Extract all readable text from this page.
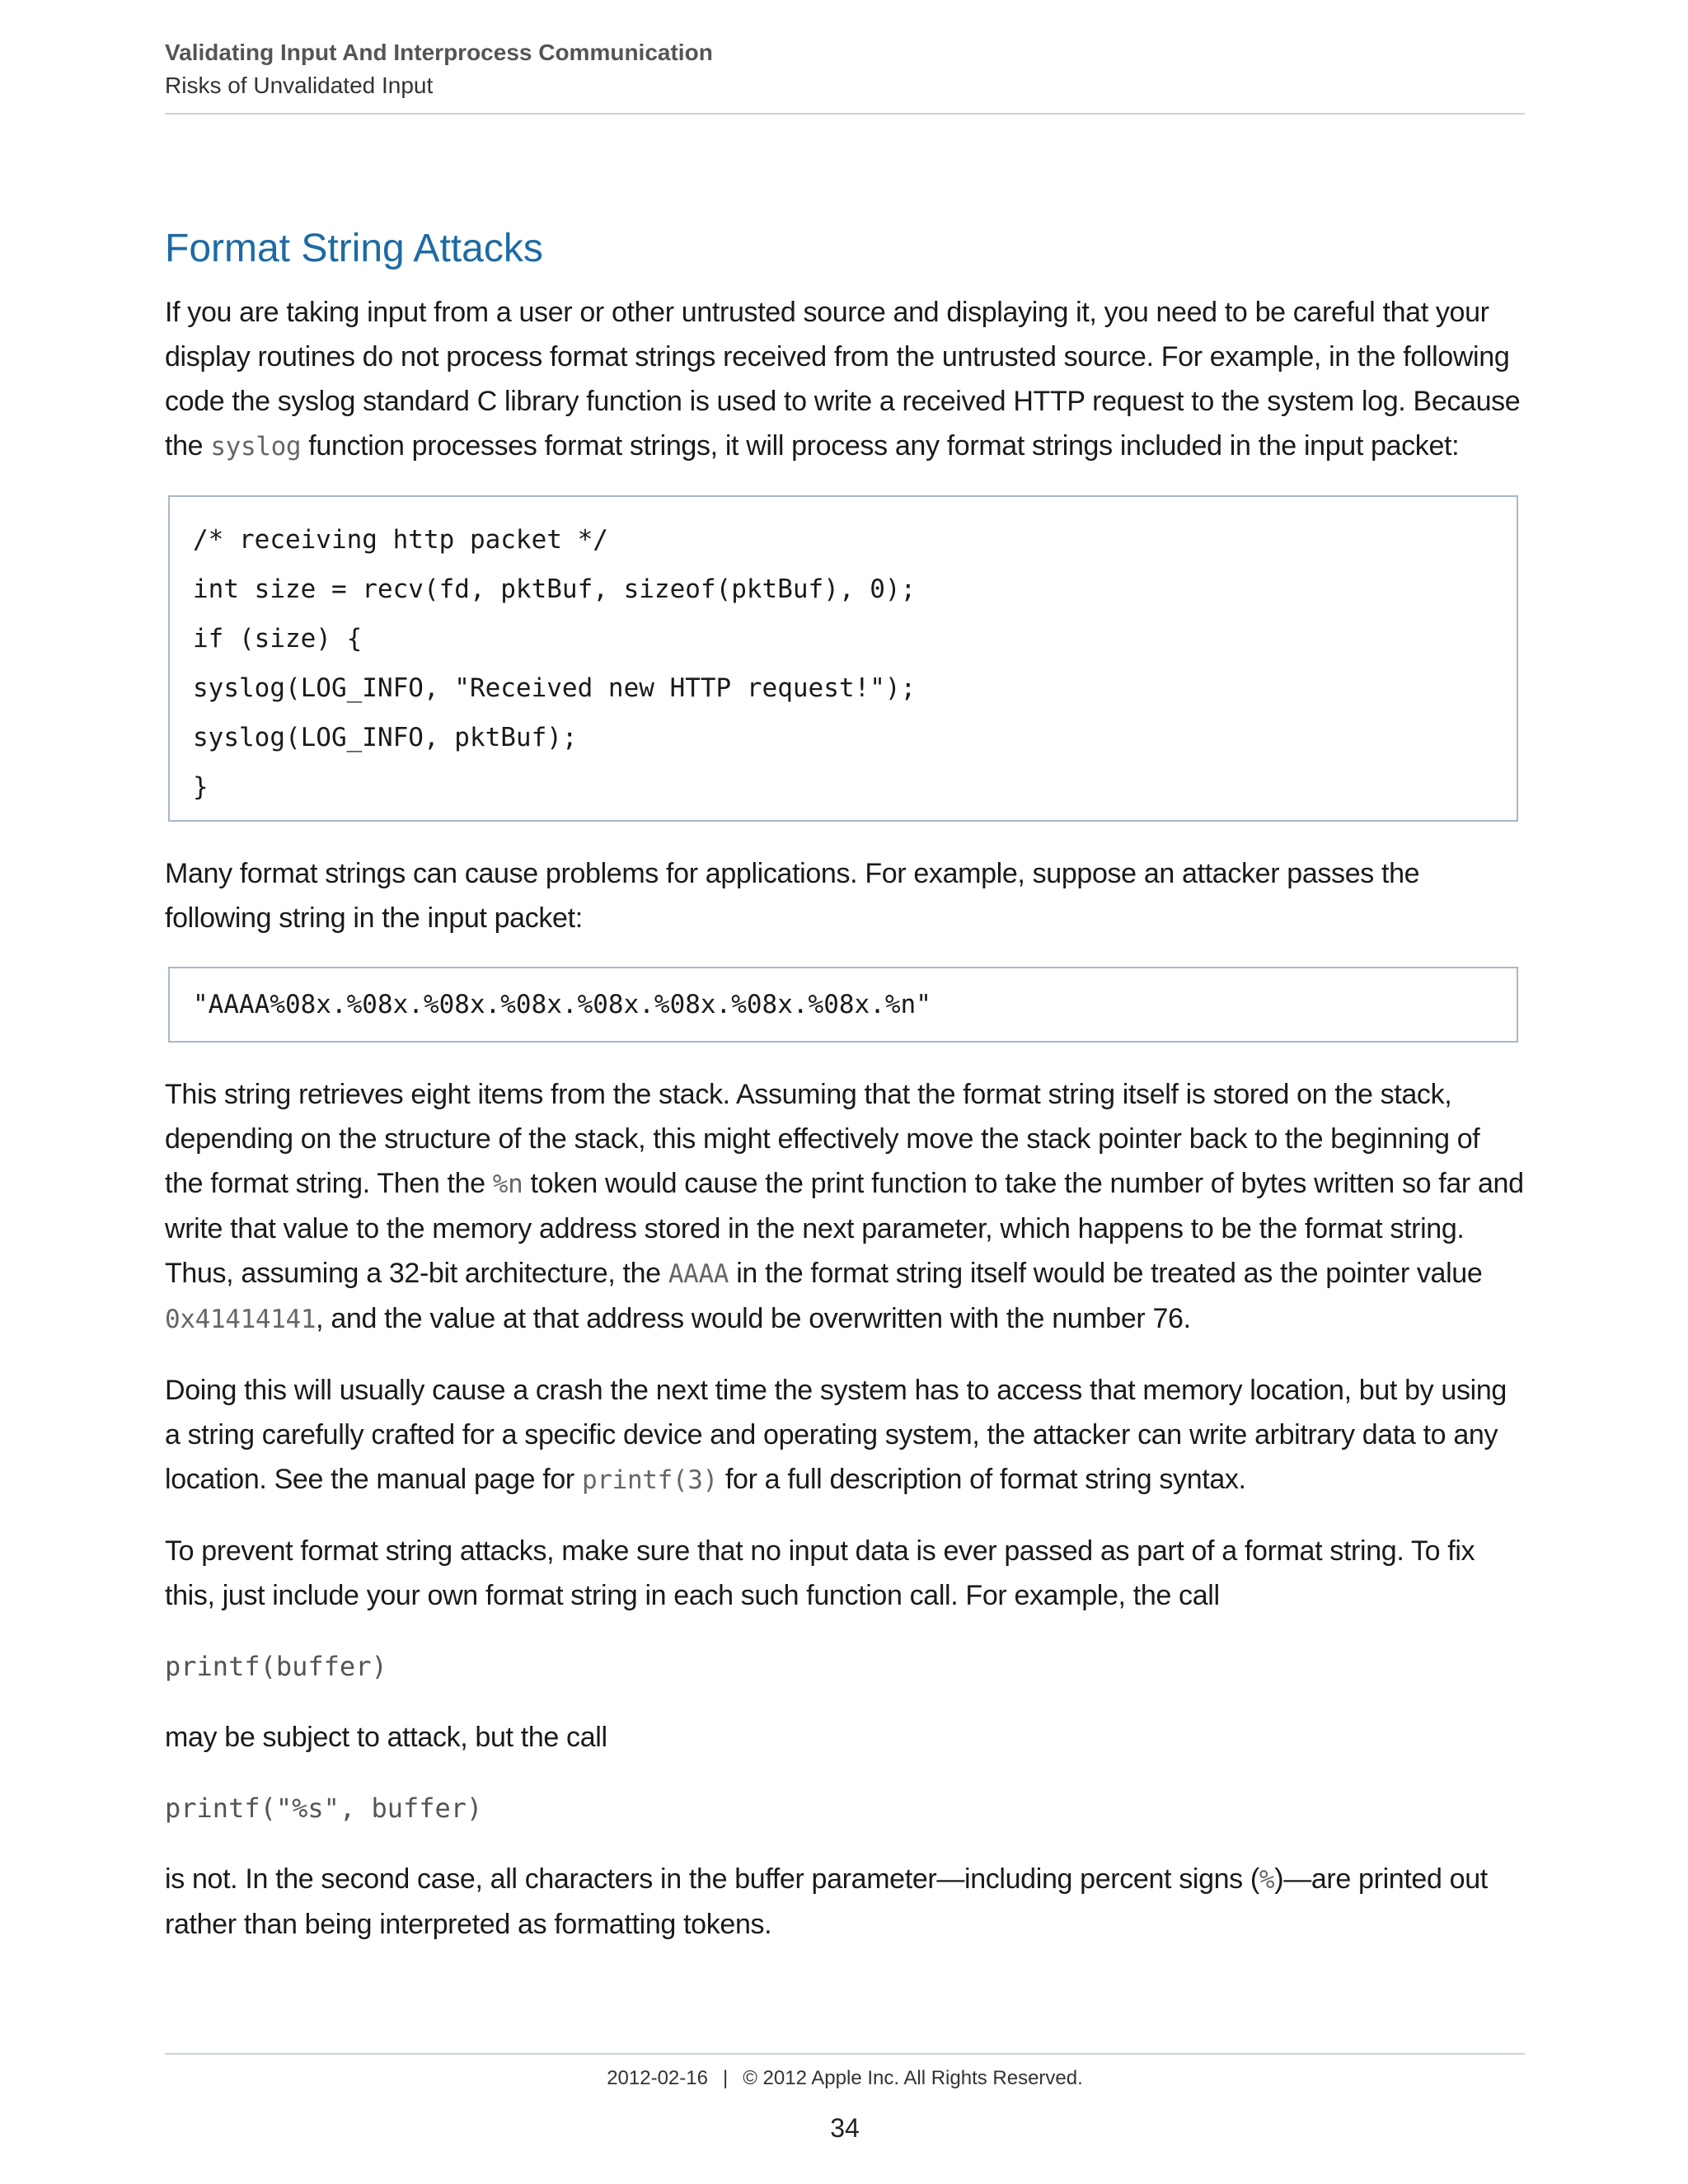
Validating Input And Interprocess Communication
Risks of Unvalidated Input
Format String Attacks

If you are taking input from a user or other untrusted source and displaying it, you need to be careful that your display routines do not process format strings received from the untrusted source. For example, in the following code the syslog standard C library function is used to write a received HTTP request to the system log. Because the syslog function processes format strings, it will process any format strings included in the input packet:

/* receiving http packet */
int size = recv(fd, pktBuf, sizeof(pktBuf), 0);
if (size) {
syslog(LOG_INFO, "Received new HTTP request!");
syslog(LOG_INFO, pktBuf);
}

Many format strings can cause problems for applications. For example, suppose an attacker passes the following string in the input packet:

"AAAA%08x.%08x.%08x.%08x.%08x.%08x.%08x.%08x.%n"

This string retrieves eight items from the stack. Assuming that the format string itself is stored on the stack, depending on the structure of the stack, this might effectively move the stack pointer back to the beginning of the format string. Then the %n token would cause the print function to take the number of bytes written so far and write that value to the memory address stored in the next parameter, which happens to be the format string. Thus, assuming a 32-bit architecture, the AAAA in the format string itself would be treated as the pointer value 0x41414141, and the value at that address would be overwritten with the number 76.

Doing this will usually cause a crash the next time the system has to access that memory location, but by using a string carefully crafted for a specific device and operating system, the attacker can write arbitrary data to any location. See the manual page for printf(3) for a full description of format string syntax.

To prevent format string attacks, make sure that no input data is ever passed as part of a format string. To fix this, just include your own format string in each such function call. For example, the call

printf(buffer)

may be subject to attack, but the call

printf("%s", buffer)

is not. In the second case, all characters in the buffer parameter—including percent signs (%)—are printed out rather than being interpreted as formatting tokens.

2012-02-16 | © 2012 Apple Inc. All Rights Reserved.
34
